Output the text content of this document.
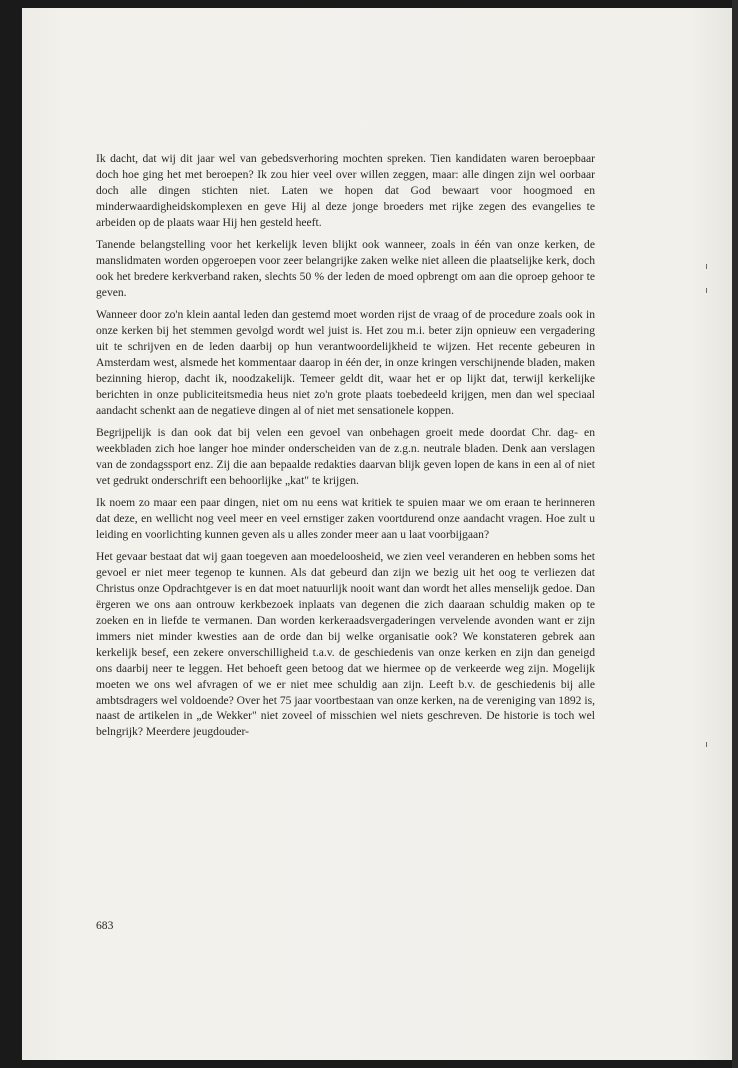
Ik dacht, dat wij dit jaar wel van gebedsverhoring mochten spreken. Tien kandidaten waren beroepbaar doch hoe ging het met beroepen? Ik zou hier veel over willen zeggen, maar: alle dingen zijn wel oorbaar doch alle dingen stichten niet. Laten we hopen dat God bewaart voor hoogmoed en minderwaardigheidskomplexen en geve Hij al deze jonge broeders met rijke zegen des evangelies te arbeiden op de plaats waar Hij hen gesteld heeft.

Tanende belangstelling voor het kerkelijk leven blijkt ook wanneer, zoals in één van onze kerken, de manslidmaten worden opgeroepen voor zeer belangrijke zaken welke niet alleen die plaatselijke kerk, doch ook het bredere kerkverband raken, slechts 50 % der leden de moed opbrengt om aan die oproep gehoor te geven.

Wanneer door zo'n klein aantal leden dan gestemd moet worden rijst de vraag of de procedure zoals ook in onze kerken bij het stemmen gevolgd wordt wel juist is. Het zou m.i. beter zijn opnieuw een vergadering uit te schrijven en de leden daarbij op hun verantwoordelijkheid te wijzen. Het recente gebeuren in Amsterdam west, alsmede het kommentaar daarop in één der, in onze kringen verschijnende bladen, maken bezinning hierop, dacht ik, noodzakelijk. Temeer geldt dit, waar het er op lijkt dat, terwijl kerkelijke berichten in onze publiciteitsmedia heus niet zo'n grote plaats toebedeeld krijgen, men dan wel speciaal aandacht schenkt aan de negatieve dingen al of niet met sensationele koppen.

Begrijpelijk is dan ook dat bij velen een gevoel van onbehagen groeit mede doordat Chr. dag- en weekbladen zich hoe langer hoe minder onderscheiden van de z.g.n. neutrale bladen. Denk aan verslagen van de zondagssport enz. Zij die aan bepaalde redakties daarvan blijk geven lopen de kans in een al of niet vet gedrukt onderschrift een behoorlijke „kat" te krijgen.

Ik noem zo maar een paar dingen, niet om nu eens wat kritiek te spuien maar we om eraan te herinneren dat deze, en wellicht nog veel meer en veel ernstiger zaken voortdurend onze aandacht vragen. Hoe zult u leiding en voorlichting kunnen geven als u alles zonder meer aan u laat voorbijgaan?

Het gevaar bestaat dat wij gaan toegeven aan moedeloosheid, we zien veel veranderen en hebben soms het gevoel er niet meer tegenop te kunnen. Als dat gebeurd dan zijn we bezig uit het oog te verliezen dat Christus onze Opdrachtgever is en dat moet natuurlijk nooit want dan wordt het alles menselijk gedoe. Dan ërgeren we ons aan ontrouw kerkbezoek inplaats van degenen die zich daaraan schuldig maken op te zoeken en in liefde te vermanen. Dan worden kerkeraadsvergaderingen vervelende avonden want er zijn immers niet minder kwesties aan de orde dan bij welke organisatie ook? We konstateren gebrek aan kerkelijk besef, een zekere onverschilligheid t.a.v. de geschiedenis van onze kerken en zijn dan geneigd ons daarbij neer te leggen. Het behoeft geen betoog dat we hiermee op de verkeerde weg zijn. Mogelijk moeten we ons wel afvragen of we er niet mee schuldig aan zijn. Leeft b.v. de geschiedenis bij alle ambtsdragers wel voldoende? Over het 75 jaar voortbestaan van onze kerken, na de vereniging van 1892 is, naast de artikelen in „de Wekker" niet zoveel of misschien wel niets geschreven. De historie is toch wel belngrijk? Meerdere jeugdouder-

683
